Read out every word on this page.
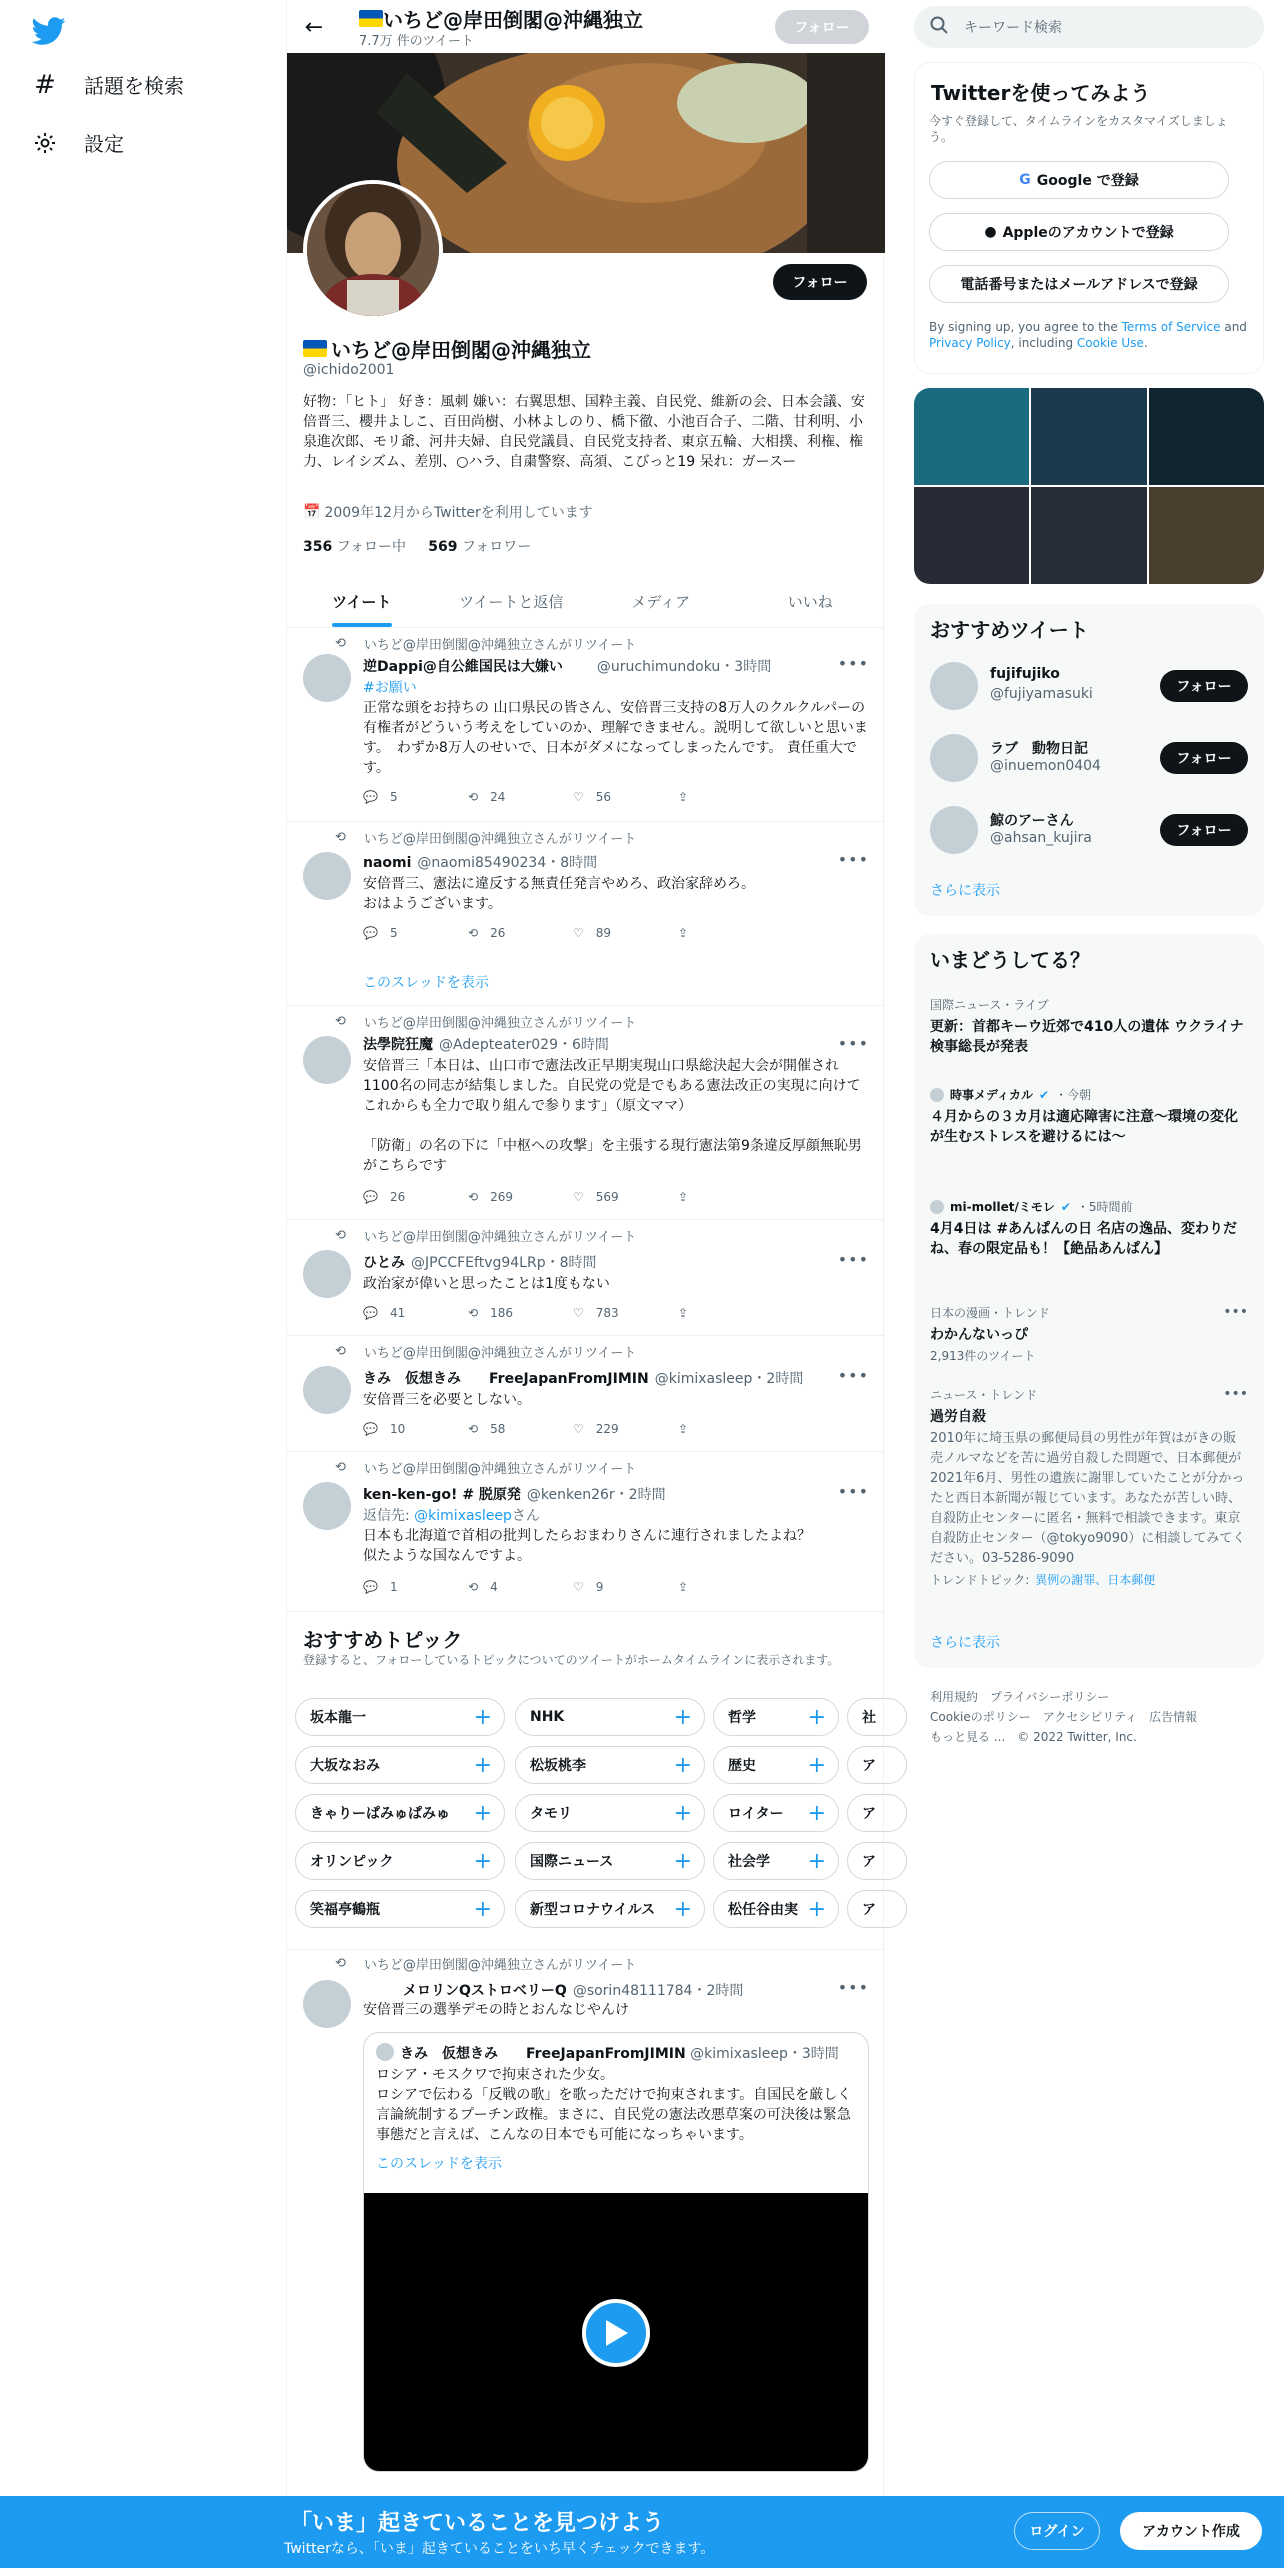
# 話題を検索
設定
←	いちど@岸田倒閣@沖縄独立
7.7万 件のツイート
フォロー
フォロー
いちど@岸田倒閣@沖縄独立
@ichido2001
好物：「ヒト」 好き：風刺 嫌い：右翼思想、国粋主義、自民党、維新の会、日本会議、安倍晋三、櫻井よしこ、百田尚樹、小林よしのり、橋下徹、小池百合子、二階、甘利明、小泉進次郎、モリ爺、河井夫婦、自民党議員、自民党支持者、東京五輪、大相撲、利権、権力、レイシズム、差別、○ハラ、自粛警察、高須、こびっと19 呆れ：ガースー
📅 2009年12月からTwitterを利用しています
356 フォロー中 569 フォロワー
ツイート	ツイートと返信	メディア	いいね
⟲ いちど@岸田倒閣@沖縄独立さんがリツイート
逆Dappi@自公維国民は大嫌い　　 @uruchimundoku・3時間	•••
#お願い
正常な頭をお持ちの 山口県民の皆さん、安倍晋三支持の8万人のクルクルパーの有権者がどういう考えをしていのか、理解できません。説明して欲しいと思います。　わずか8万人のせいで、日本がダメになってしまったんです。 責任重大です。
💬 5	⟲ 24	♡ 56	⇪
⟲ いちど@岸田倒閣@沖縄独立さんがリツイート
naomi @naomi85490234・8時間	•••
安倍晋三、憲法に違反する無責任発言やめろ、政治家辞めろ。
おはようございます。
💬 5	⟲ 26	♡ 89	⇪
このスレッドを表示
⟲ いちど@岸田倒閣@沖縄独立さんがリツイート
法學院狂魔 @Adepteater029・6時間	•••
安倍晋三「本日は、山口市で憲法改正早期実現山口県総決起大会が開催され1100名の同志が結集しました。自民党の党是でもある憲法改正の実現に向けてこれからも全力で取り組んで参ります」（原文ママ）

「防衛」の名の下に「中枢への攻撃」を主張する現行憲法第9条違反厚顔無恥男がこちらです
💬 26	⟲ 269	♡ 569	⇪
⟲ いちど@岸田倒閣@沖縄独立さんがリツイート
ひとみ @JPCCFEftvg94LRp・8時間	•••
政治家が偉いと思ったことは1度もない
💬 41	⟲ 186	♡ 783	⇪
⟲ いちど@岸田倒閣@沖縄独立さんがリツイート
きみ　仮想きみ　　FreeJapanFromJIMIN @kimixasleep・2時間 •••
安倍晋三を必要としない。
💬 10	⟲ 58	♡ 229	⇪
⟲ いちど@岸田倒閣@沖縄独立さんがリツイート
ken-ken-go! # 脱原発 @kenken26r・2時間	•••
返信先: @kimixasleepさん
日本も北海道で首相の批判したらおまわりさんに連行されましたよね？
似たような国なんですよ。
💬 1	⟲ 4	♡ 9	⇪
おすすめトピック
登録すると、フォローしているトピックについてのツイートがホームタイムラインに表示されます。
坂本龍一	+	NHK	+	哲学 +	社
大坂なおみ	+	松坂桃李	+	歴史 +	ア
きゃりーぱみゅぱみゅ +	タモリ	+	ロイター +	ア
オリンピック	+	国際ニュース	+	社会学 +	ア
笑福亭鶴瓶	+	新型コロナウイルス +	松任谷由実 +	ア
⟲ いちど@岸田倒閣@沖縄独立さんがリツイート
メロリンQストロベリーQ @sorin48111784・2時間	•••
安倍晋三の選挙デモの時とおんなじやんけ
きみ　仮想きみ　　FreeJapanFromJIMIN @kimixasleep・3時間
ロシア・モスクワで拘束された少女。
ロシアで伝わる「反戦の歌」を歌っただけで拘束されます。自国民を厳しく言論統制するプーチン政権。まさに、自民党の憲法改悪草案の可決後は緊急事態だと言えば、こんなの日本でも可能になっちゃいます。
このスレッドを表示
キーワード検索
Twitterを使ってみよう
今すぐ登録して、タイムラインをカスタマイズしましょう。
G Google で登録
● Appleのアカウントで登録
電話番号またはメールアドレスで登録
By signing up, you agree to the Terms of Service and Privacy Policy, including Cookie Use.
おすすめツイート
fujifujiko
@fujiyamasuki	フォロー
ラブ　動物日記
@inuemon0404	フォロー
鯨のアーさん
@ahsan_kujira	フォロー
さらに表示
いまどうしてる？
国際ニュース・ライブ
更新：首都キーウ近郊で410人の遺体 ウクライナ検事総長が発表
時事メディカル ✔ ・今朝
４月からの３カ月は適応障害に注意～環境の変化が生むストレスを避けるには～
mi-mollet/ミモレ ✔ ・5時間前
4月4日は #あんぱんの日 名店の逸品、変わりだね、春の限定品も！【絶品あんぱん】
日本の漫画・トレンド
わかんないっぴ
2,913件のツイート
•••
ニュース・トレンド
過労自殺
2010年に埼玉県の郵便局員の男性が年賀はがきの販売ノルマなどを苦に過労自殺した問題で、日本郵便が2021年6月、男性の遺族に謝罪していたことが分かったと西日本新聞が報じています。あなたが苦しい時、自殺防止センターに匿名・無料で相談できます。東京自殺防止センター（@tokyo9090）に相談してみてください。03-5286-9090
トレンドトピック: 異例の謝罪、日本郵便
•••
さらに表示
利用規約　プライバシーポリシー
Cookieのポリシー　アクセシビリティ　広告情報
もっと見る ...　© 2022 Twitter, Inc.
「いま」起きていることを見つけよう
Twitterなら、「いま」起きていることをいち早くチェックできます。
ログイン	アカウント作成
